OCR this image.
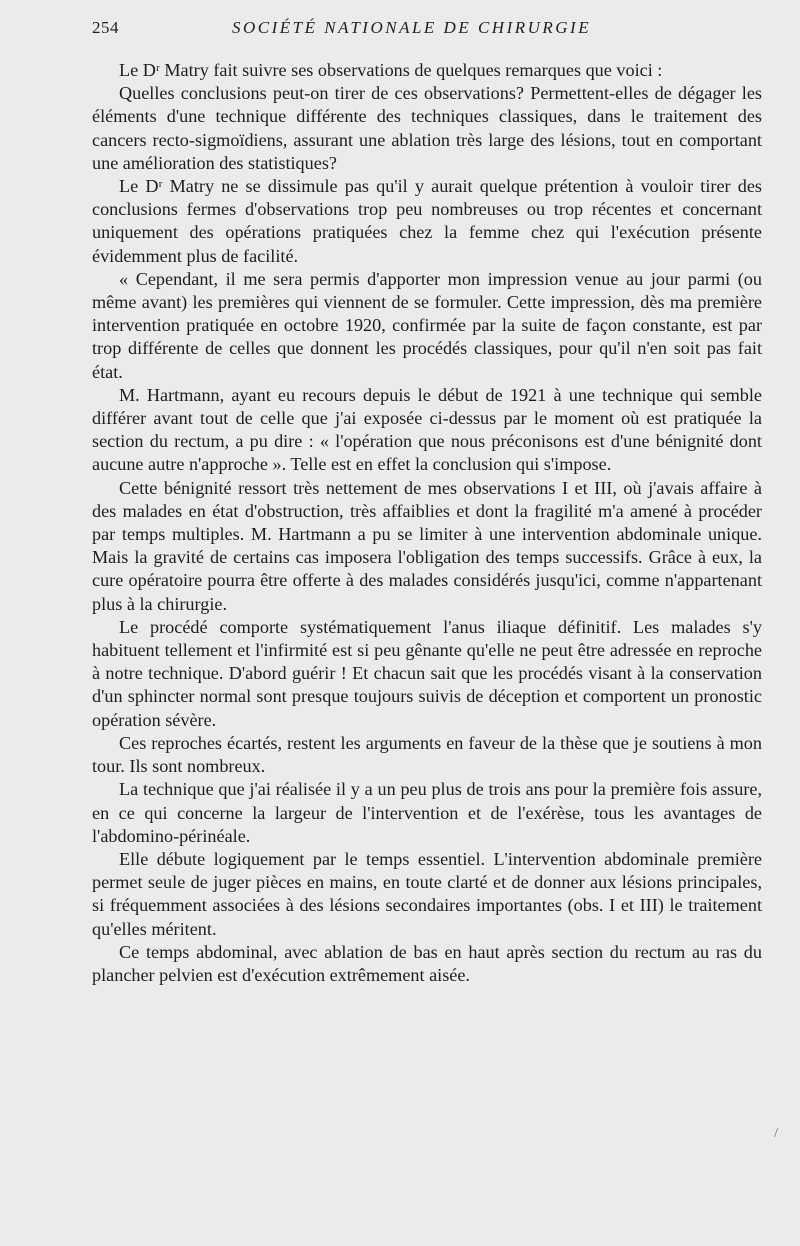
254	SOCIÉTÉ NATIONALE DE CHIRURGIE

Le Dʳ Matry fait suivre ses observations de quelques remarques que voici :

Quelles conclusions peut-on tirer de ces observations? Permettent-elles de dégager les éléments d'une technique différente des techniques classiques, dans le traitement des cancers recto-sigmoïdiens, assurant une ablation très large des lésions, tout en comportant une amélioration des statistiques?

Le Dʳ Matry ne se dissimule pas qu'il y aurait quelque prétention à vouloir tirer des conclusions fermes d'observations trop peu nombreuses ou trop récentes et concernant uniquement des opérations pratiquées chez la femme chez qui l'exécution présente évidemment plus de facilité.

« Cependant, il me sera permis d'apporter mon impression venue au jour parmi (ou même avant) les premières qui viennent de se formuler. Cette impression, dès ma première intervention pratiquée en octobre 1920, confirmée par la suite de façon constante, est par trop différente de celles que donnent les procédés classiques, pour qu'il n'en soit pas fait état.

M. Hartmann, ayant eu recours depuis le début de 1921 à une technique qui semble différer avant tout de celle que j'ai exposée ci-dessus par le moment où est pratiquée la section du rectum, a pu dire : « l'opération que nous préconisons est d'une bénignité dont aucune autre n'approche ». Telle est en effet la conclusion qui s'impose.

Cette bénignité ressort très nettement de mes observations I et III, où j'avais affaire à des malades en état d'obstruction, très affaiblies et dont la fragilité m'a amené à procéder par temps multiples. M. Hartmann a pu se limiter à une intervention abdominale unique. Mais la gravité de certains cas imposera l'obligation des temps successifs. Grâce à eux, la cure opératoire pourra être offerte à des malades considérés jusqu'ici, comme n'appartenant plus à la chirurgie.

Le procédé comporte systématiquement l'anus iliaque définitif. Les malades s'y habituent tellement et l'infirmité est si peu gênante qu'elle ne peut être adressée en reproche à notre technique. D'abord guérir ! Et chacun sait que les procédés visant à la conservation d'un sphincter normal sont presque toujours suivis de déception et comportent un pronostic opération sévère.

Ces reproches écartés, restent les arguments en faveur de la thèse que je soutiens à mon tour. Ils sont nombreux.

La technique que j'ai réalisée il y a un peu plus de trois ans pour la première fois assure, en ce qui concerne la largeur de l'intervention et de l'exérèse, tous les avantages de l'abdomino-périnéale.

Elle débute logiquement par le temps essentiel. L'intervention abdominale première permet seule de juger pièces en mains, en toute clarté et de donner aux lésions principales, si fréquemment associées à des lésions secondaires importantes (obs. I et III) le traitement qu'elles méritent.

Ce temps abdominal, avec ablation de bas en haut après section du rectum au ras du plancher pelvien est d'exécution extrêmement aisée.

/
